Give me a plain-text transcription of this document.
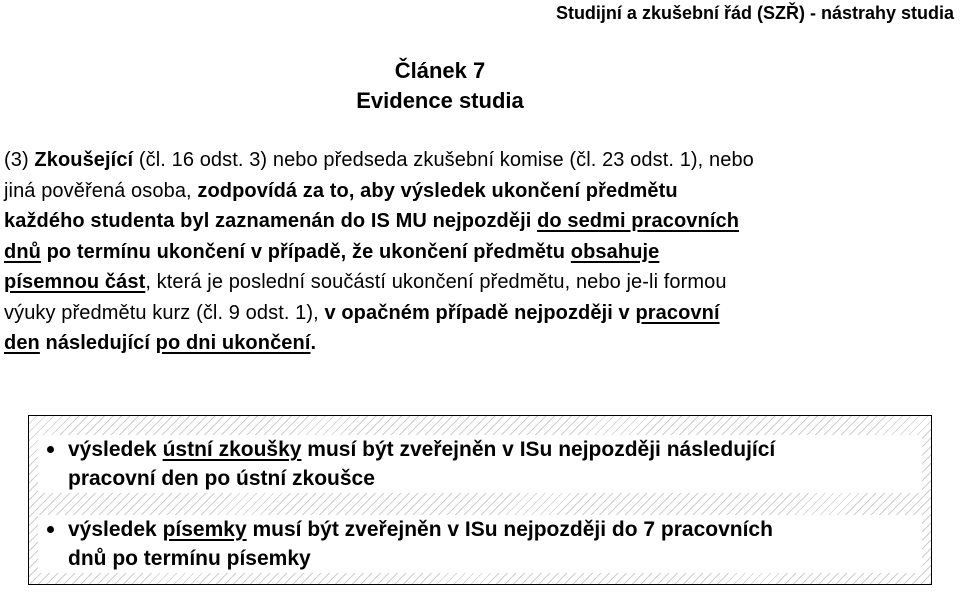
Studijní a zkušební řád (SZŘ) - nástrahy studia
Článek 7
Evidence studia
(3) Zkoušející (čl. 16 odst. 3) nebo předseda zkušební komise (čl. 23 odst. 1), nebo
jiná pověřená osoba, zodpovídá za to, aby výsledek ukončení předmětu
každého studenta byl zaznamenán do IS MU nejpozději do sedmi pracovních
dnů po termínu ukončení v případě, že ukončení předmětu obsahuje
písemnou část, která je poslední součástí ukončení předmětu, nebo je-li formou
výuky předmětu kurz (čl. 9 odst. 1), v opačném případě nejpozději v pracovní
den následující po dni ukončení.
výsledek ústní zkoušky musí být zveřejněn v ISu nejpozději následující
pracovní den po ústní zkoušce
výsledek písemky musí být zveřejněn v ISu nejpozději do 7 pracovních
dnů po termínu písemky
